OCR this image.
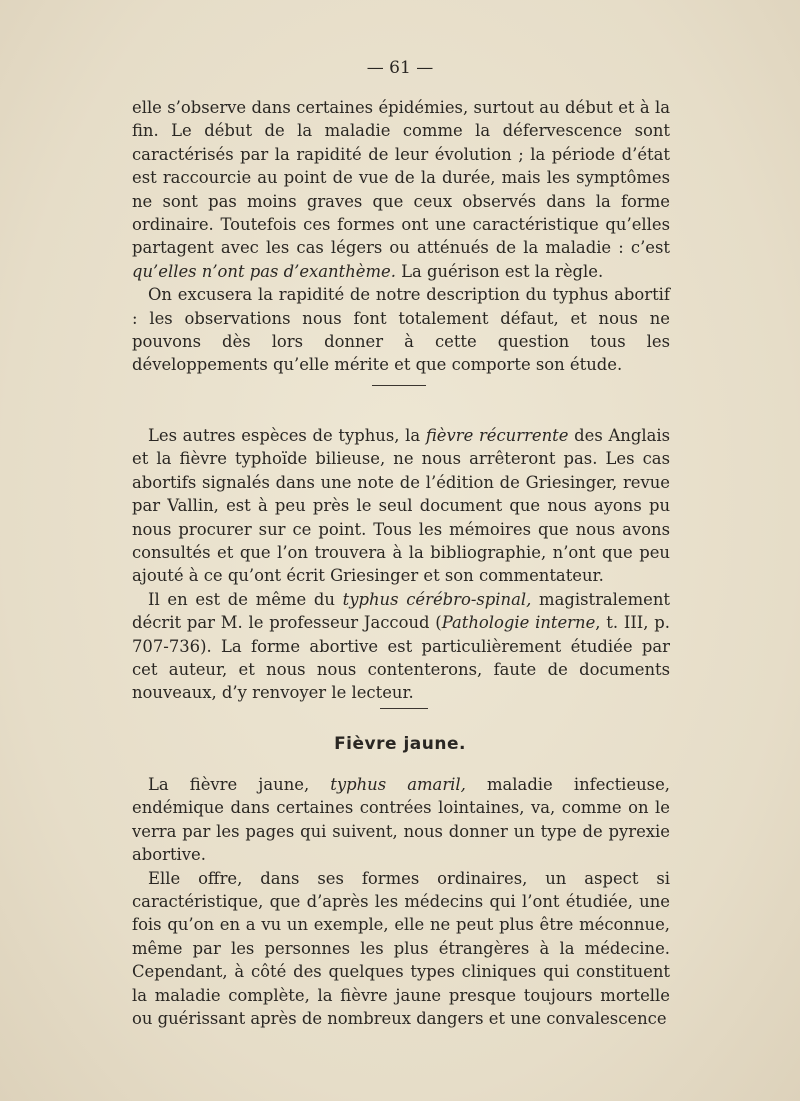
— 61 —

elle s’observe dans certaines épidémies, surtout au début et à la fin. Le début de la maladie comme la défervescence sont caractérisés par la rapidité de leur évolution ; la période d’état est raccourcie au point de vue de la durée, mais les symptômes ne sont pas moins graves que ceux observés dans la forme ordinaire. Toutefois ces formes ont une caractéristique qu’elles partagent avec les cas légers ou atténués de la maladie : c’est qu’elles n’ont pas d’exanthème. La guérison est la règle.

On excusera la rapidité de notre description du typhus abortif : les observations nous font totalement défaut, et nous ne pouvons dès lors donner à cette question tous les développements qu’elle mérite et que comporte son étude.

Les autres espèces de typhus, la fièvre récurrente des Anglais et la fièvre typhoïde bilieuse, ne nous arrêteront pas. Les cas abortifs signalés dans une note de l’édition de Griesinger, revue par Vallin, est à peu près le seul document que nous ayons pu nous procurer sur ce point. Tous les mémoires que nous avons consultés et que l’on trouvera à la bibliographie, n’ont que peu ajouté à ce qu’ont écrit Griesinger et son commentateur.

Il en est de même du typhus cérébro-spinal, magistralement décrit par M. le professeur Jaccoud (Pathologie interne, t. III, p. 707-736). La forme abortive est particulièrement étudiée par cet auteur, et nous nous contenterons, faute de documents nouveaux, d’y renvoyer le lecteur.

Fièvre jaune.

La fièvre jaune, typhus amaril, maladie infectieuse, endémique dans certaines contrées lointaines, va, comme on le verra par les pages qui suivent, nous donner un type de pyrexie abortive.

Elle offre, dans ses formes ordinaires, un aspect si caractéristique, que d’après les médecins qui l’ont étudiée, une fois qu’on en a vu un exemple, elle ne peut plus être méconnue, même par les personnes les plus étrangères à la médecine. Cependant, à côté des quelques types cliniques qui constituent la maladie complète, la fièvre jaune presque toujours mortelle ou guérissant après de nombreux dangers et une convalescence
